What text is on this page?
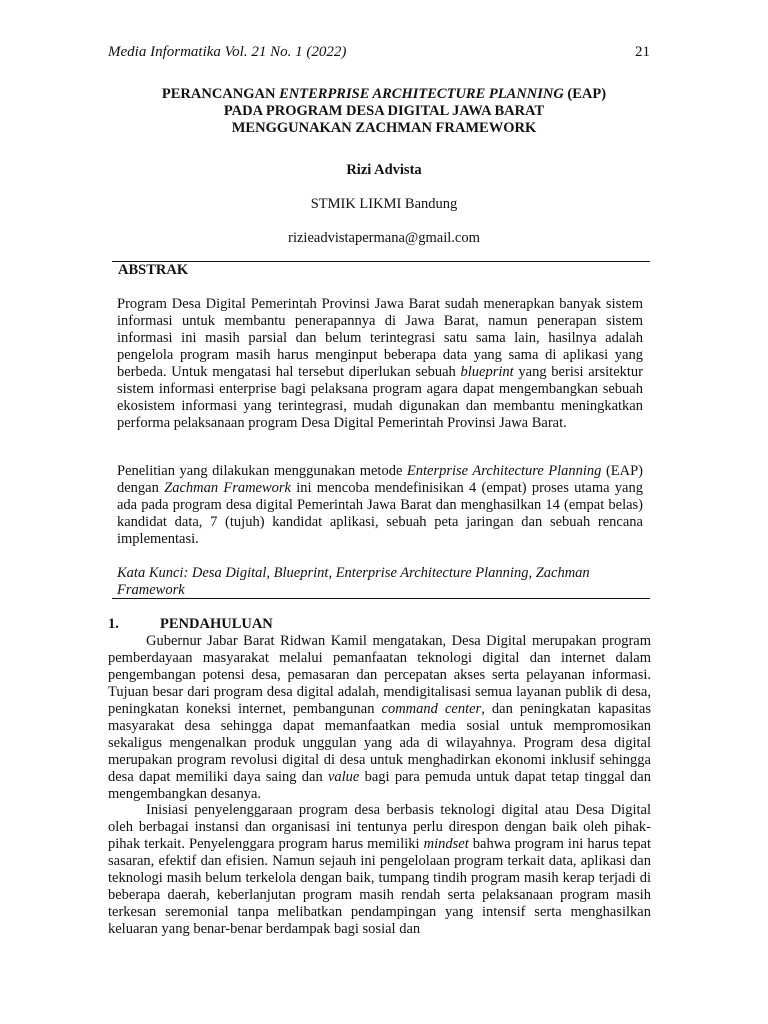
Media Informatika Vol. 21 No. 1 (2022)	21
PERANCANGAN ENTERPRISE ARCHITECTURE PLANNING (EAP)
PADA PROGRAM DESA DIGITAL JAWA BARAT
MENGGUNAKAN ZACHMAN FRAMEWORK
Rizi Advista
STMIK LIKMI Bandung
rizieadvistapermana@gmail.com
ABSTRAK

Program Desa Digital Pemerintah Provinsi Jawa Barat sudah menerapkan banyak sistem informasi untuk membantu penerapannya di Jawa Barat, namun penerapan sistem informasi ini masih parsial dan belum terintegrasi satu sama lain, hasilnya adalah pengelola program masih harus menginput beberapa data yang sama di aplikasi yang berbeda. Untuk mengatasi hal tersebut diperlukan sebuah blueprint yang berisi arsitektur sistem informasi enterprise bagi pelaksana program agara dapat mengembangkan sebuah ekosistem informasi yang terintegrasi, mudah digunakan dan membantu meningkatkan performa pelaksanaan program Desa Digital Pemerintah Provinsi Jawa Barat.

Penelitian yang dilakukan menggunakan metode Enterprise Architecture Planning (EAP) dengan Zachman Framework ini mencoba mendefinisikan 4 (empat) proses utama yang ada pada program desa digital Pemerintah Jawa Barat dan menghasilkan 14 (empat belas) kandidat data, 7 (tujuh) kandidat aplikasi, sebuah peta jaringan dan sebuah rencana implementasi.

Kata Kunci: Desa Digital, Blueprint, Enterprise Architecture Planning, Zachman Framework

1.	PENDAHULUAN

Gubernur Jabar Barat Ridwan Kamil mengatakan, Desa Digital merupakan program pemberdayaan masyarakat melalui pemanfaatan teknologi digital dan internet dalam pengembangan potensi desa, pemasaran dan percepatan akses serta pelayanan informasi. Tujuan besar dari program desa digital adalah, mendigitalisasi semua layanan publik di desa, peningkatan koneksi internet, pembangunan command center, dan peningkatan kapasitas masyarakat desa sehingga dapat memanfaatkan media sosial untuk mempromosikan sekaligus mengenalkan produk unggulan yang ada di wilayahnya. Program desa digital merupakan program revolusi digital di desa untuk menghadirkan ekonomi inklusif sehingga desa dapat memiliki daya saing dan value bagi para pemuda untuk dapat tetap tinggal dan mengembangkan desanya.

Inisiasi penyelenggaraan program desa berbasis teknologi digital atau Desa Digital oleh berbagai instansi dan organisasi ini tentunya perlu direspon dengan baik oleh pihak-pihak terkait. Penyelenggara program harus memiliki mindset bahwa program ini harus tepat sasaran, efektif dan efisien. Namun sejauh ini pengelolaan program terkait data, aplikasi dan teknologi masih belum terkelola dengan baik, tumpang tindih program masih kerap terjadi di beberapa daerah, keberlanjutan program masih rendah serta pelaksanaan program masih terkesan seremonial tanpa melibatkan pendampingan yang intensif serta menghasilkan keluaran yang benar-benar berdampak bagi sosial dan
